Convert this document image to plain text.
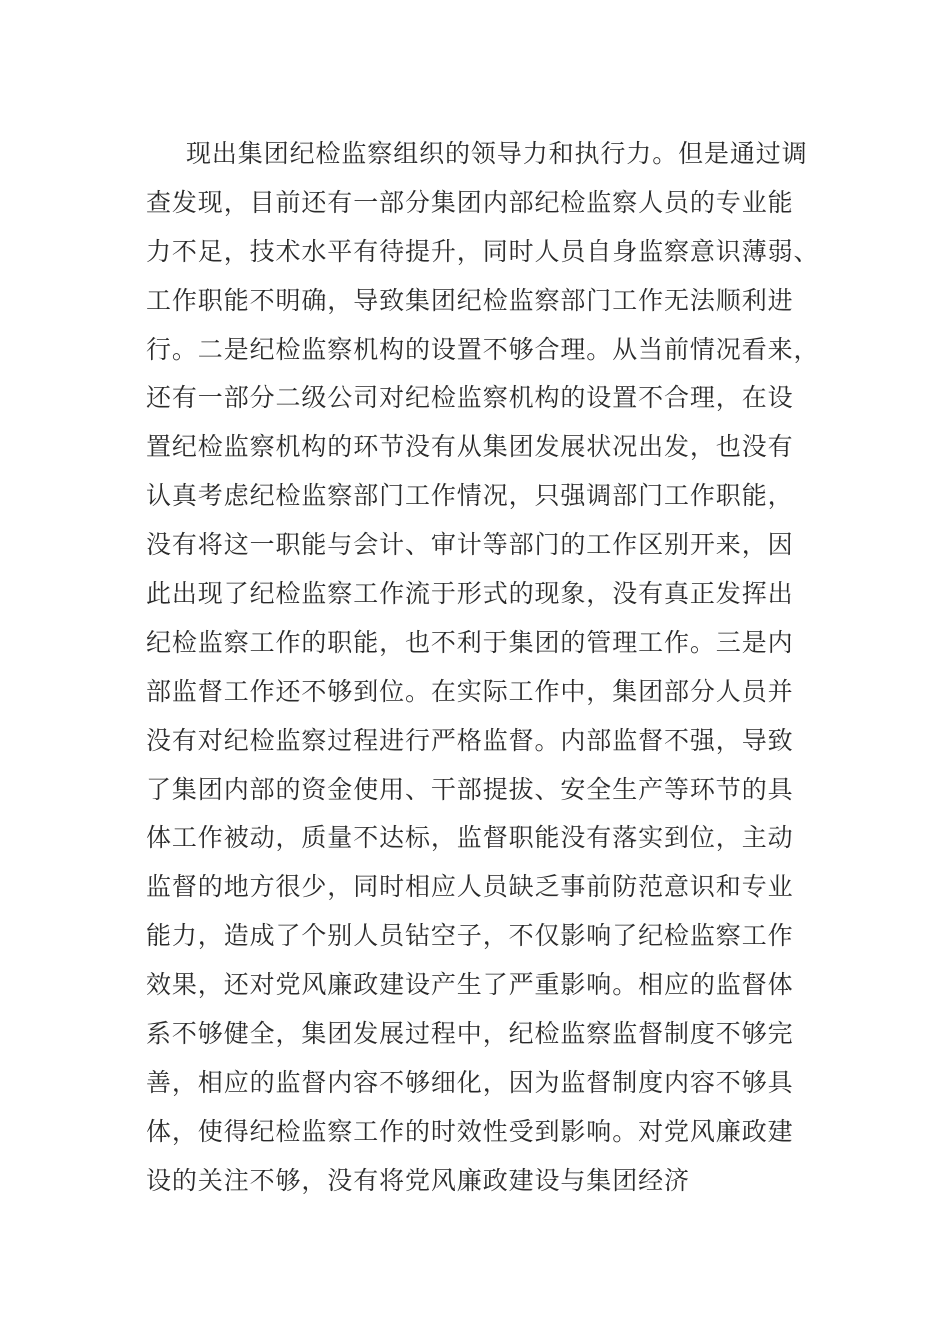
现出集团纪检监察组织的领导力和执行力。但是通过调
查发现，目前还有一部分集团内部纪检监察人员的专业能
力不足，技术水平有待提升，同时人员自身监察意识薄弱、
工作职能不明确，导致集团纪检监察部门工作无法顺利进
行。二是纪检监察机构的设置不够合理。从当前情况看来，
还有一部分二级公司对纪检监察机构的设置不合理，在设
置纪检监察机构的环节没有从集团发展状况出发，也没有
认真考虑纪检监察部门工作情况，只强调部门工作职能，
没有将这一职能与会计、审计等部门的工作区别开来，因
此出现了纪检监察工作流于形式的现象，没有真正发挥出
纪检监察工作的职能，也不利于集团的管理工作。三是内
部监督工作还不够到位。在实际工作中，集团部分人员并
没有对纪检监察过程进行严格监督。内部监督不强，导致
了集团内部的资金使用、干部提拔、安全生产等环节的具
体工作被动，质量不达标，监督职能没有落实到位，主动
监督的地方很少，同时相应人员缺乏事前防范意识和专业
能力，造成了个别人员钻空子，不仅影响了纪检监察工作
效果，还对党风廉政建设产生了严重影响。相应的监督体
系不够健全，集团发展过程中，纪检监察监督制度不够完
善，相应的监督内容不够细化，因为监督制度内容不够具
体，使得纪检监察工作的时效性受到影响。对党风廉政建
设的关注不够，没有将党风廉政建设与集团经济
